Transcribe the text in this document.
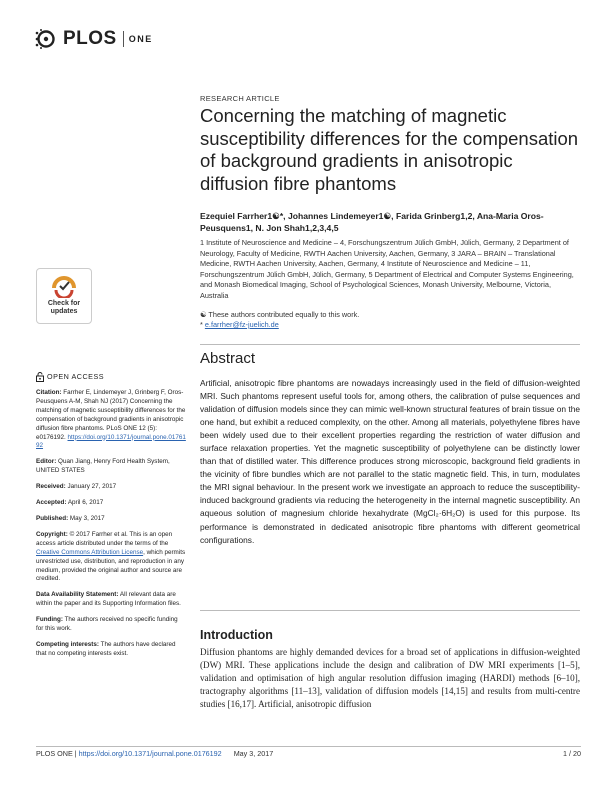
PLOS ONE
RESEARCH ARTICLE
Concerning the matching of magnetic susceptibility differences for the compensation of background gradients in anisotropic diffusion fibre phantoms
Ezequiel Farrher1☯*, Johannes Lindemeyer1☯, Farida Grinberg1,2, Ana-Maria Oros-Peusquens1, N. Jon Shah1,2,3,4,5
1 Institute of Neuroscience and Medicine – 4, Forschungszentrum Jülich GmbH, Jülich, Germany, 2 Department of Neurology, Faculty of Medicine, RWTH Aachen University, Aachen, Germany, 3 JARA – BRAIN – Translational Medicine, RWTH Aachen University, Aachen, Germany, 4 Institute of Neuroscience and Medicine – 11, Forschungszentrum Jülich GmbH, Jülich, Germany, 5 Department of Electrical and Computer Systems Engineering, and Monash Biomedical Imaging, School of Psychological Sciences, Monash University, Melbourne, Victoria, Australia
☯ These authors contributed equally to this work.
* e.farrher@fz-juelich.de
Abstract
Artificial, anisotropic fibre phantoms are nowadays increasingly used in the field of diffusion-weighted MRI. Such phantoms represent useful tools for, among others, the calibration of pulse sequences and validation of diffusion models since they can mimic well-known structural features of brain tissue on the one hand, but exhibit a reduced complexity, on the other. Among all materials, polyethylene fibres have been widely used due to their excellent properties regarding the restriction of water diffusion and surface relaxation properties. Yet the magnetic susceptibility of polyethylene can be distinctly lower than that of distilled water. This difference produces strong microscopic, background field gradients in the vicinity of fibre bundles which are not parallel to the static magnetic field. This, in turn, modulates the MRI signal behaviour. In the present work we investigate an approach to reduce the susceptibility-induced background gradients via reducing the heterogeneity in the internal magnetic susceptibility. An aqueous solution of magnesium chloride hexahydrate (MgCl₂·6H₂O) is used for this purpose. Its performance is demonstrated in dedicated anisotropic fibre phantoms with different geometrical configurations.
Introduction
Diffusion phantoms are highly demanded devices for a broad set of applications in diffusion-weighted (DW) MRI. These applications include the design and calibration of DW MRI experiments [1–5], validation and optimisation of high angular resolution diffusion imaging (HARDI) methods [6–10], tractography algorithms [11–13], validation of diffusion models [14,15] and results from multi-centre studies [16,17]. Artificial, anisotropic diffusion
Check for
updates
OPEN ACCESS
Citation: Farrher E, Lindemeyer J, Grinberg F, Oros-Peusquens A-M, Shah NJ (2017) Concerning the matching of magnetic susceptibility differences for the compensation of background gradients in anisotropic diffusion fibre phantoms. PLoS ONE 12 (5): e0176192. https://doi.org/10.1371/journal.pone.0176192
Editor: Quan Jiang, Henry Ford Health System, UNITED STATES
Received: January 27, 2017
Accepted: April 6, 2017
Published: May 3, 2017
Copyright: © 2017 Farrher et al. This is an open access article distributed under the terms of the Creative Commons Attribution License, which permits unrestricted use, distribution, and reproduction in any medium, provided the original author and source are credited.
Data Availability Statement: All relevant data are within the paper and its Supporting Information files.
Funding: The authors received no specific funding for this work.
Competing interests: The authors have declared that no competing interests exist.
PLOS ONE | https://doi.org/10.1371/journal.pone.0176192 May 3, 2017	1 / 20
